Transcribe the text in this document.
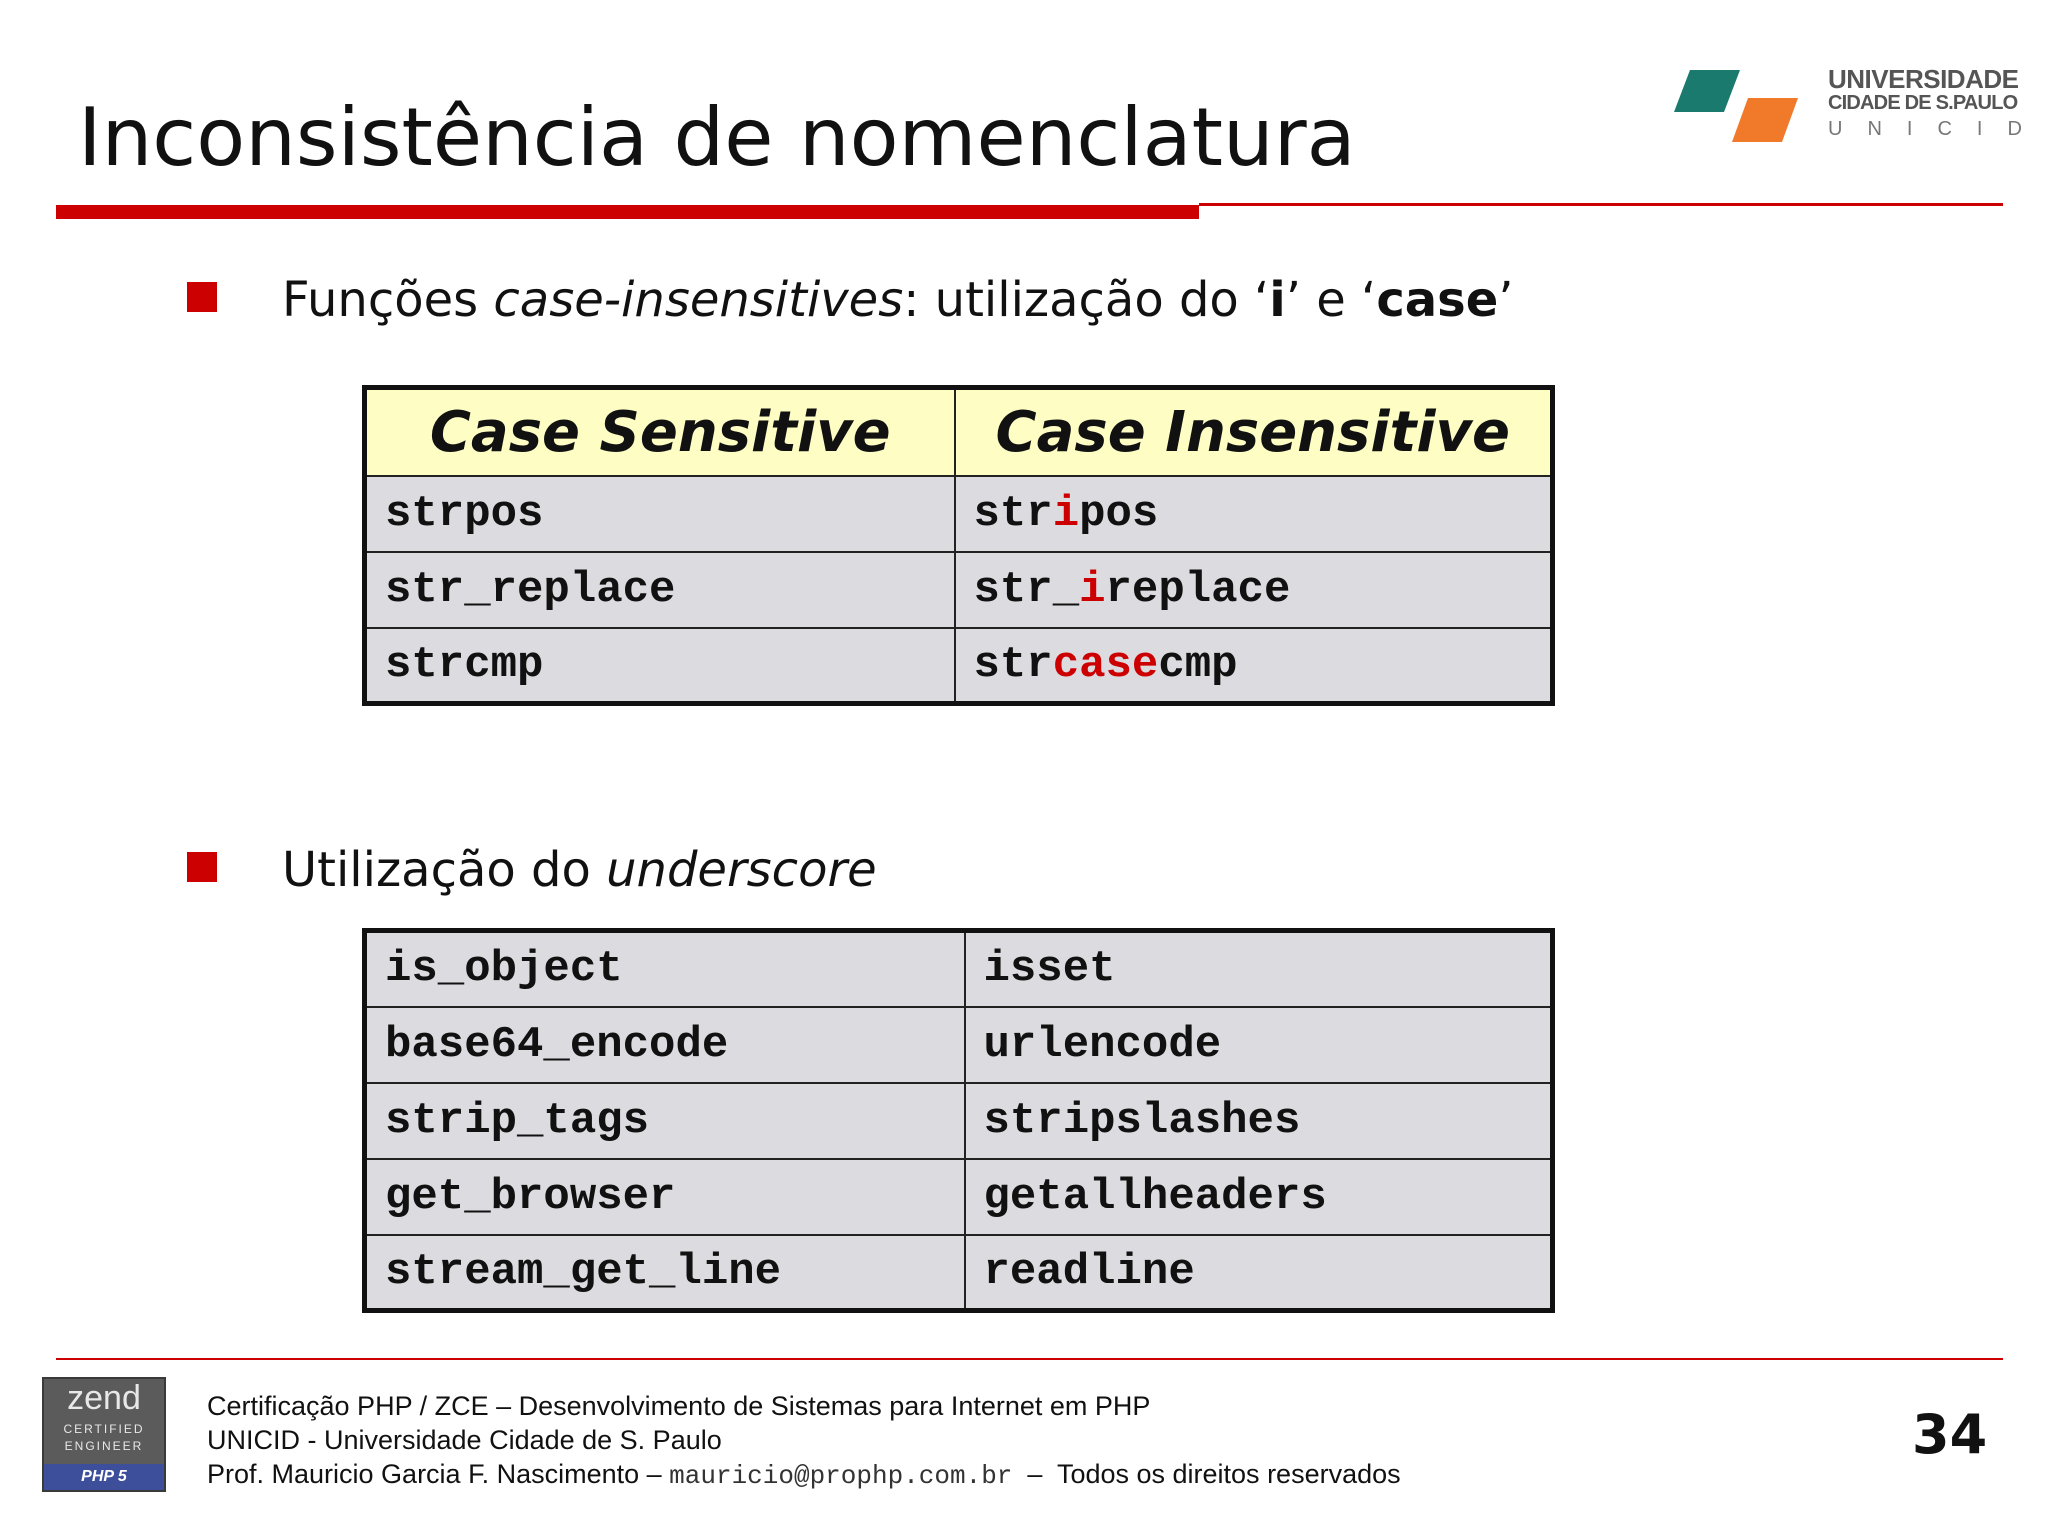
Inconsistência de nomenclatura
UNIVERSIDADE
CIDADE DE S.PAULO
UNICID
Funções case-insensitives: utilização do ‘i’ e ‘case’
Case Sensitive	Case Insensitive
strpos	stripos
str_replace	str_ireplace
strcmp	strcasecmp
Utilização do underscore
is_object	isset
base64_encode	urlencode
strip_tags	stripslashes
get_browser	getallheaders
stream_get_line	readline
zend
CERTIFIED
ENGINEER
PHP 5
Certificação PHP / ZCE – Desenvolvimento de Sistemas para Internet em PHP
UNICID - Universidade Cidade de S. Paulo
Prof. Mauricio Garcia F. Nascimento – mauricio@prophp.com.br  –  Todos os direitos reservados
34
